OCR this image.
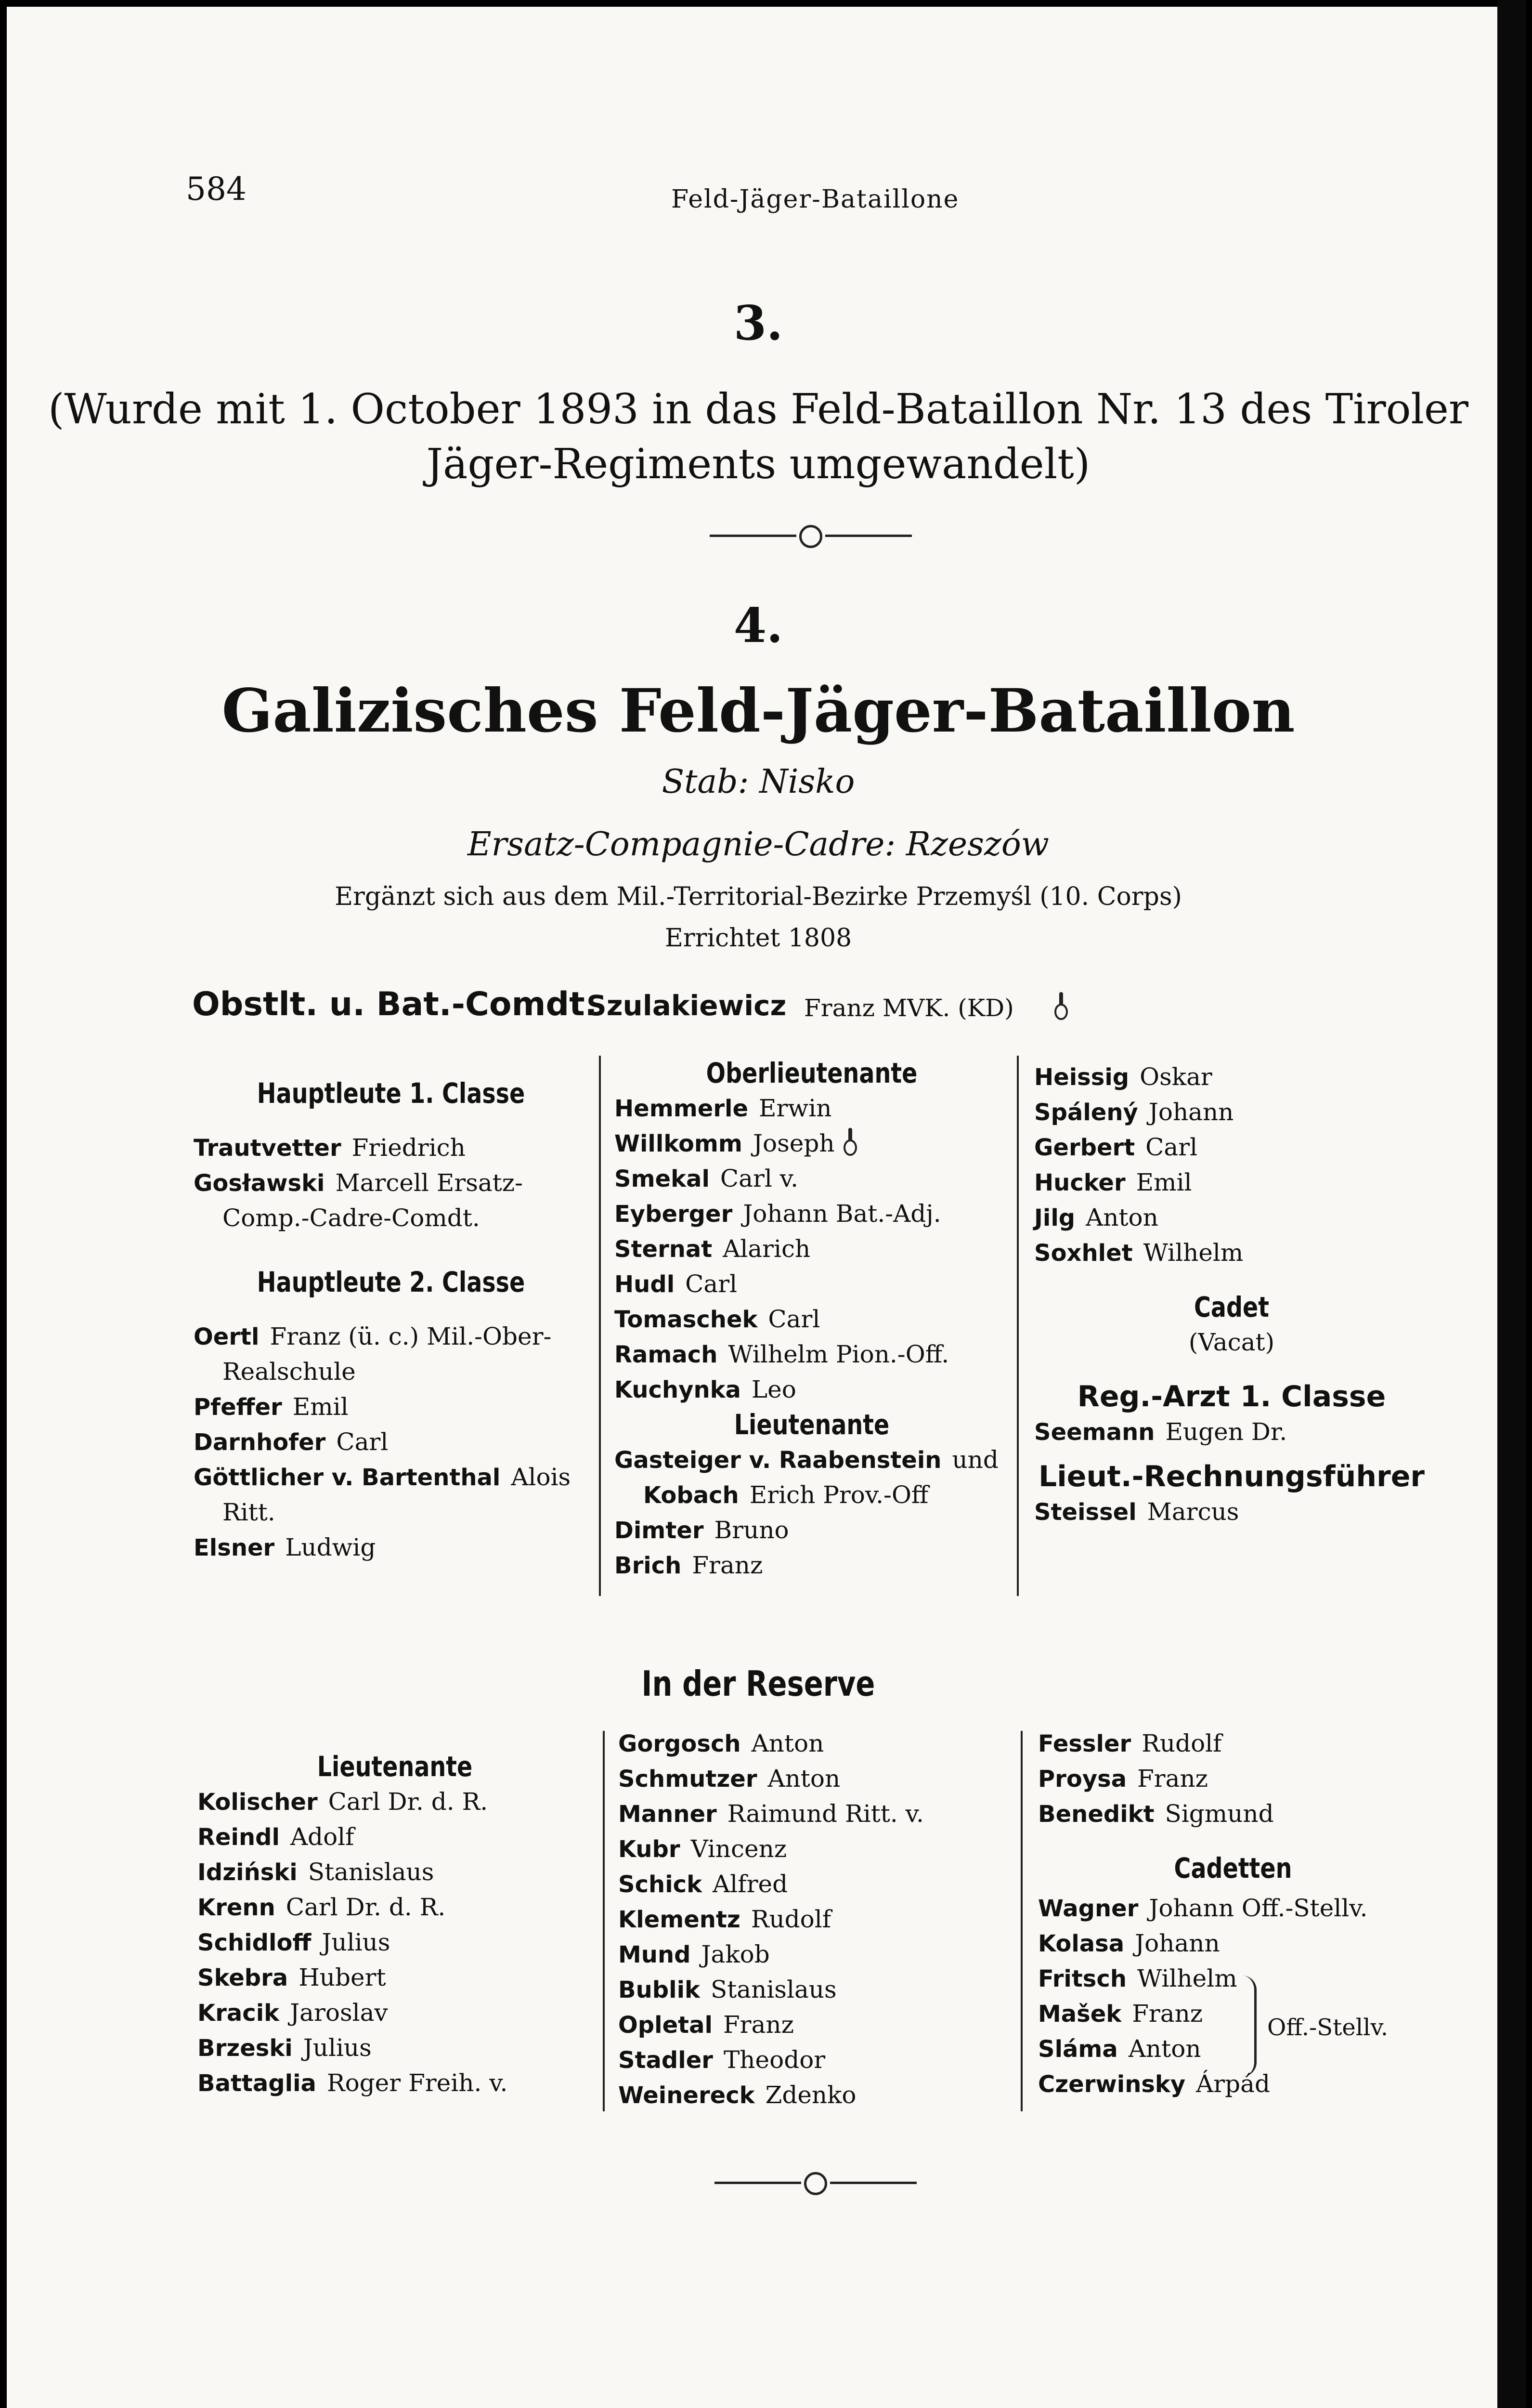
584	Feld-Jäger-Bataillone
3.
(Wurde mit 1. October 1893 in das Feld-Bataillon Nr. 13 des Tiroler
Jäger-Regiments umgewandelt)
4.
Galizisches Feld-Jäger-Bataillon
Stab: Nisko
Ersatz-Compagnie-Cadre: Rzeszów
Ergänzt sich aus dem Mil.-Territorial-Bezirke Przemyśl (10. Corps)
Errichtet 1808
Obstlt. u. Bat.-Comdt.
Szulakiewicz Franz MVK. (KD)
Hauptleute 1. Classe
Trautvetter Friedrich
Gosławski Marcell Ersatz-
Comp.-Cadre-Comdt.
Hauptleute 2. Classe
Oertl Franz (ü. c.) Mil.-Ober-
Realschule
Pfeffer Emil
Darnhofer Carl
Göttlicher v. Bartenthal Alois
Ritt.
Elsner Ludwig
Oberlieutenante
Hemmerle Erwin
Willkomm Joseph
Smekal Carl v.
Eyberger Johann Bat.-Adj.
Sternat Alarich
Hudl Carl
Tomaschek Carl
Ramach Wilhelm Pion.-Off.
Kuchynka Leo
Lieutenante
Gasteiger v. Raabenstein und
Kobach Erich Prov.-Off
Dimter Bruno
Brich Franz
Heissig Oskar
Spálený Johann
Gerbert Carl
Hucker Emil
Jilg Anton
Soxhlet Wilhelm
Cadet
(Vacat)
Reg.-Arzt 1. Classe
Seemann Eugen Dr.
Lieut.-Rechnungsführer
Steissel Marcus
In der Reserve
Lieutenante
Kolischer Carl Dr. d. R.
Reindl Adolf
Idziński Stanislaus
Krenn Carl Dr. d. R.
Schidloff Julius
Skebra Hubert
Kracik Jaroslav
Brzeski Julius
Battaglia Roger Freih. v.
Gorgosch Anton
Schmutzer Anton
Manner Raimund Ritt. v.
Kubr Vincenz
Schick Alfred
Klementz Rudolf
Mund Jakob
Bublik Stanislaus
Opletal Franz
Stadler Theodor
Weinereck Zdenko
Fessler Rudolf
Proysa Franz
Benedikt Sigmund
Cadetten
Wagner Johann Off.-Stellv.
Kolasa Johann
Fritsch Wilhelm
Mašek Franz
Sláma Anton
Czerwinsky Árpád
Off.-Stellv.
